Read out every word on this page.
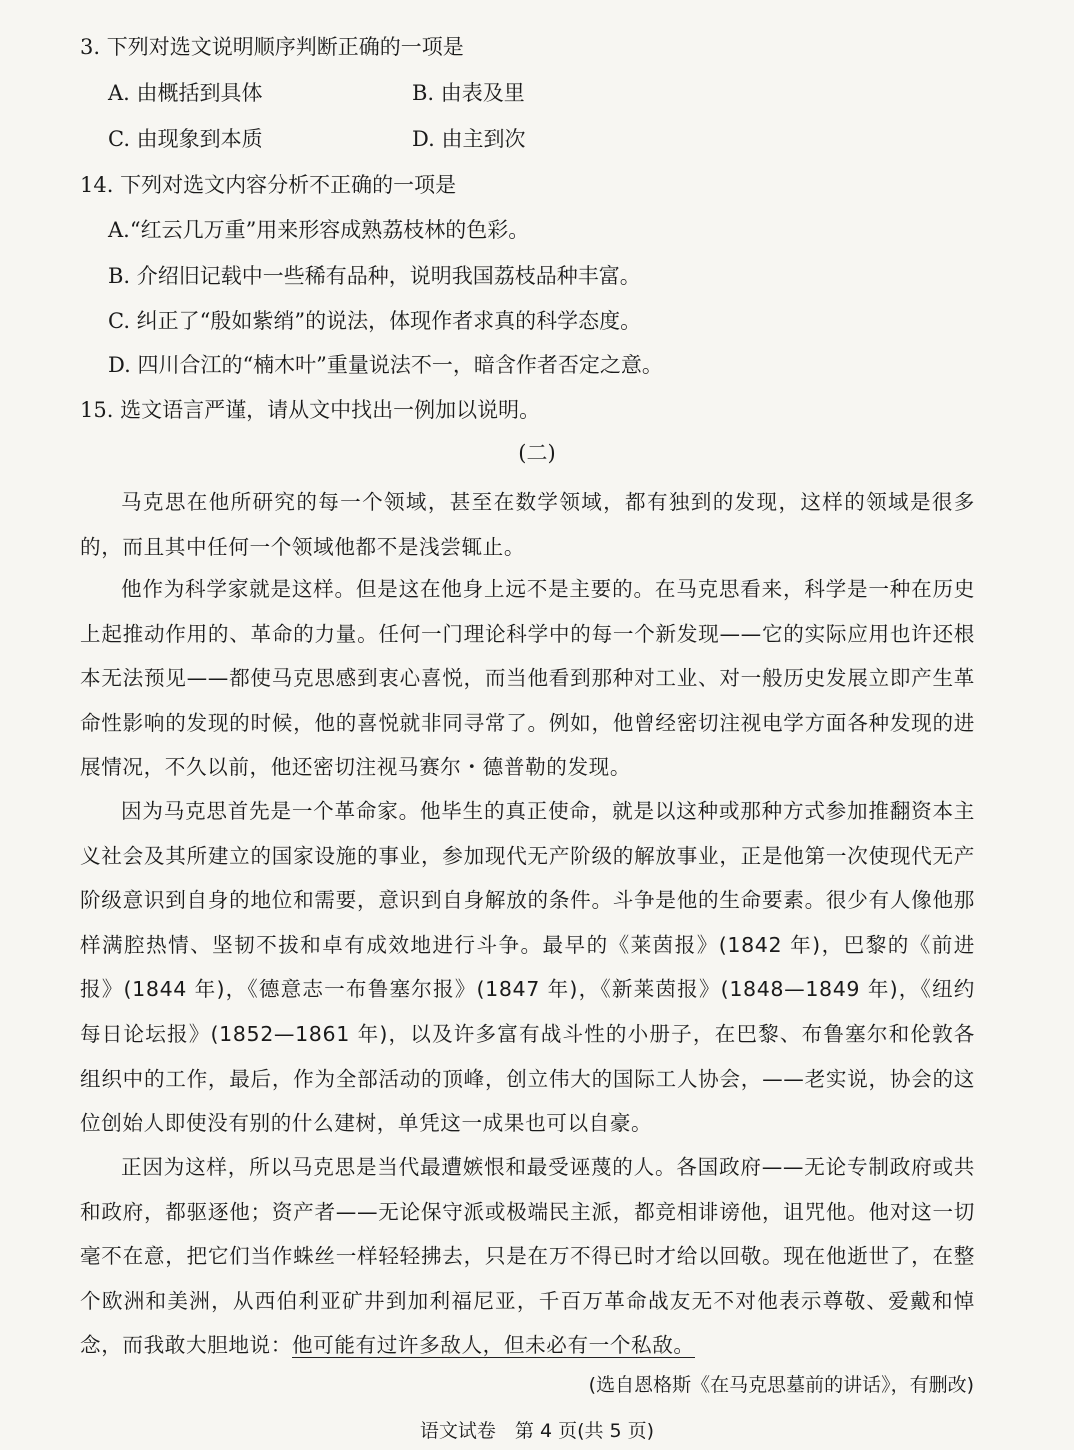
3. 下列对选文说明顺序判断正确的一项是
A. 由概括到具体	B. 由表及里
C. 由现象到本质	D. 由主到次
14. 下列对选文内容分析不正确的一项是
A.“红云几万重”用来形容成熟荔枝林的色彩。
B. 介绍旧记载中一些稀有品种，说明我国荔枝品种丰富。
C. 纠正了“殷如紫绡”的说法，体现作者求真的科学态度。
D. 四川合江的“楠木叶”重量说法不一，暗含作者否定之意。
15. 选文语言严谨，请从文中找出一例加以说明。
(二)
马克思在他所研究的每一个领域，甚至在数学领域，都有独到的发现，这样的领域是很多的，而且其中任何一个领域他都不是浅尝辄止。
他作为科学家就是这样。但是这在他身上远不是主要的。在马克思看来，科学是一种在历史上起推动作用的、革命的力量。任何一门理论科学中的每一个新发现——它的实际应用也许还根本无法预见——都使马克思感到衷心喜悦，而当他看到那种对工业、对一般历史发展立即产生革命性影响的发现的时候，他的喜悦就非同寻常了。例如，他曾经密切注视电学方面各种发现的进展情况，不久以前，他还密切注视马赛尔・德普勒的发现。
因为马克思首先是一个革命家。他毕生的真正使命，就是以这种或那种方式参加推翻资本主义社会及其所建立的国家设施的事业，参加现代无产阶级的解放事业，正是他第一次使现代无产阶级意识到自身的地位和需要，意识到自身解放的条件。斗争是他的生命要素。很少有人像他那样满腔热情、坚韧不拔和卓有成效地进行斗争。最早的《莱茵报》(1842 年)，巴黎的《前进报》(1844 年)，《德意志一布鲁塞尔报》(1847 年)，《新莱茵报》(1848—1849 年)，《纽约每日论坛报》(1852—1861 年)，以及许多富有战斗性的小册子，在巴黎、布鲁塞尔和伦敦各组织中的工作，最后，作为全部活动的顶峰，创立伟大的国际工人协会，——老实说，协会的这位创始人即使没有别的什么建树，单凭这一成果也可以自豪。
正因为这样，所以马克思是当代最遭嫉恨和最受诬蔑的人。各国政府——无论专制政府或共和政府，都驱逐他；资产者——无论保守派或极端民主派，都竞相诽谤他，诅咒他。他对这一切毫不在意，把它们当作蛛丝一样轻轻拂去，只是在万不得已时才给以回敬。现在他逝世了，在整个欧洲和美洲，从西伯利亚矿井到加利福尼亚，千百万革命战友无不对他表示尊敬、爱戴和悼念，而我敢大胆地说：他可能有过许多敌人，但未必有一个私敌。
(选自恩格斯《在马克思墓前的讲话》，有删改)
语文试卷　第 4 页(共 5 页)
